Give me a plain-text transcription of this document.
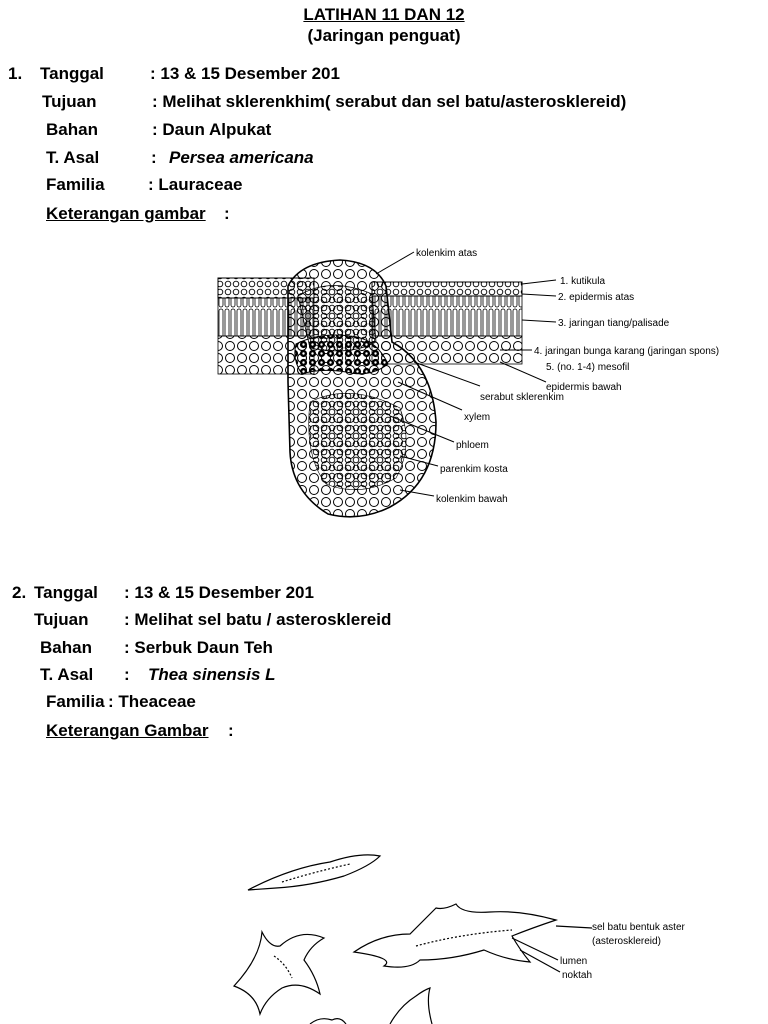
LATIHAN 11 DAN 12
(Jaringan penguat)
1. Tanggal	: 13 & 15 Desember 201
Tujuan	: Melihat sklerenkhim( serabut dan sel batu/asterosklereid)
Bahan	: Daun Alpukat
T. Asal	: Persea americana
Familia	: Lauraceae
Keterangan gambar :
kolenkim atas
1. kutikula
2. epidermis atas
3. jaringan tiang/palisade
4. jaringan bunga karang (jaringan spons)
5. (no. 1-4) mesofil
epidermis bawah
serabut sklerenkim
xylem
phloem
parenkim kosta
kolenkim bawah
2. Tanggal : 13 & 15 Desember 201
Tujuan : Melihat sel batu / asterosklereid
Bahan : Serbuk Daun Teh
T. Asal : Thea sinensis L
Familia : Theaceae
Keterangan Gambar :
sel batu bentuk aster
(asterosklereid)
lumen
noktah
